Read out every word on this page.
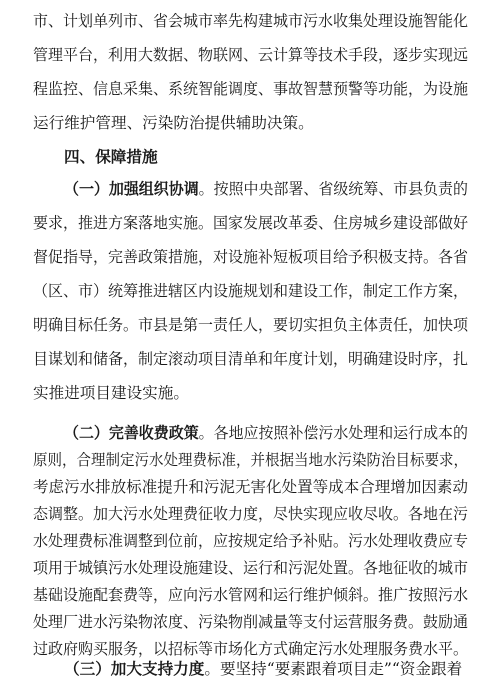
市、计划单列市、省会城市率先构建城市污水收集处理设施智能化
管理平台，利用大数据、物联网、云计算等技术手段，逐步实现远
程监控、信息采集、系统智能调度、事故智慧预警等功能，为设施
运行维护管理、污染防治提供辅助决策。
四、保障措施
（一）加强组织协调。按照中央部署、省级统筹、市县负责的
要求，推进方案落地实施。国家发展改革委、住房城乡建设部做好
督促指导，完善政策措施，对设施补短板项目给予积极支持。各省
（区、市）统筹推进辖区内设施规划和建设工作，制定工作方案，
明确目标任务。市县是第一责任人，要切实担负主体责任，加快项
目谋划和储备，制定滚动项目清单和年度计划，明确建设时序，扎
实推进项目建设实施。
（二）完善收费政策。各地应按照补偿污水处理和运行成本的
原则，合理制定污水处理费标准，并根据当地水污染防治目标要求，
考虑污水排放标准提升和污泥无害化处置等成本合理增加因素动
态调整。加大污水处理费征收力度，尽快实现应收尽收。各地在污
水处理费标准调整到位前，应按规定给予补贴。污水处理收费应专
项用于城镇污水处理设施建设、运行和污泥处置。各地征收的城市
基础设施配套费等，应向污水管网和运行维护倾斜。推广按照污水
处理厂进水污染物浓度、污染物削减量等支付运营服务费。鼓励通
过政府购买服务，以招标等市场化方式确定污水处理服务费水平。
（三）加大支持力度。要坚持“要素跟着项目走”“资金跟着
